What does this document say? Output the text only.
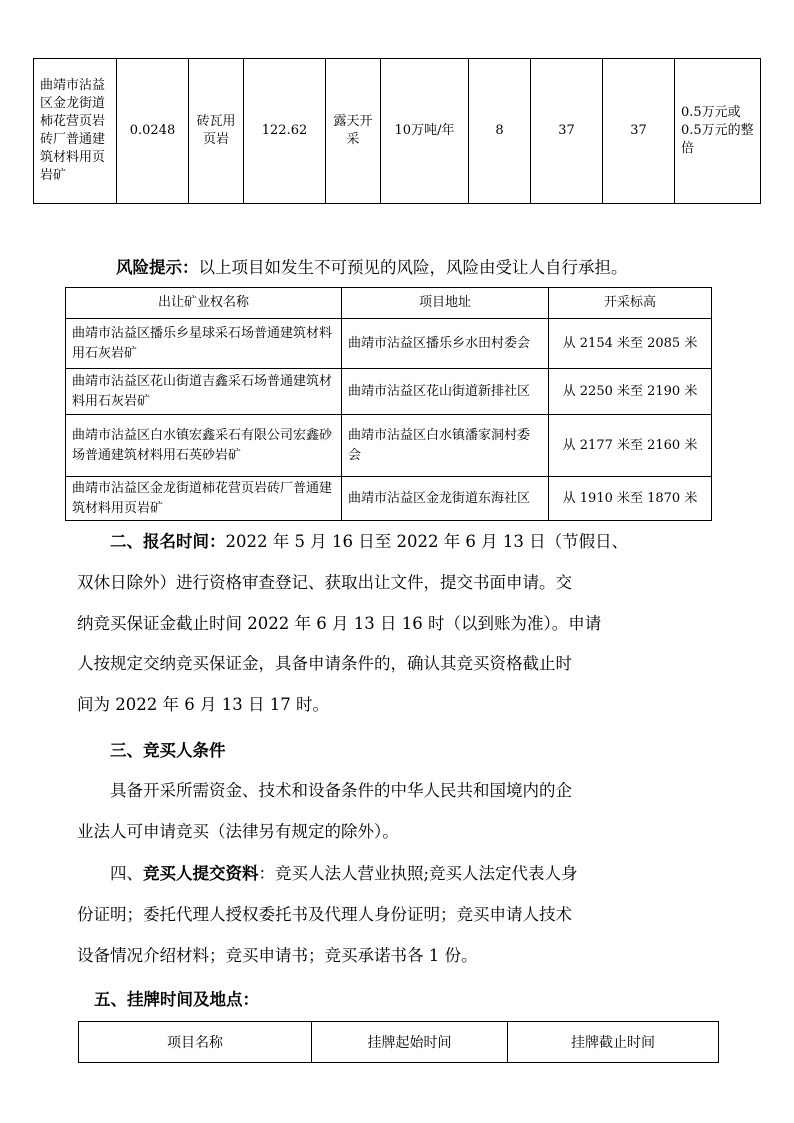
曲靖市沾益区金龙街道柿花营页岩砖厂普通建筑材料用页岩矿	0.0248	砖瓦用页岩	122.62	露天开采	10万吨/年	8	37	37	0.5万元或0.5万元的整倍

风险提示：以上项目如发生不可预见的风险，风险由受让人自行承担。

出让矿业权名称	项目地址	开采标高
曲靖市沾益区播乐乡星球采石场普通建筑材料用石灰岩矿	曲靖市沾益区播乐乡水田村委会	从 2154 米至 2085 米
曲靖市沾益区花山街道吉鑫采石场普通建筑材料用石灰岩矿	曲靖市沾益区花山街道新排社区	从 2250 米至 2190 米
曲靖市沾益区白水镇宏鑫采石有限公司宏鑫砂场普通建筑材料用石英砂岩矿	曲靖市沾益区白水镇潘家洞村委会	从 2177 米至 2160 米
曲靖市沾益区金龙街道柿花营页岩砖厂普通建筑材料用页岩矿	曲靖市沾益区金龙街道东海社区	从 1910 米至 1870 米

二、报名时间：2022 年 5 月 16 日至 2022 年 6 月 13 日（节假日、

双休日除外）进行资格审查登记、获取出让文件，提交书面申请。交

纳竞买保证金截止时间 2022 年 6 月 13 日 16 时（以到账为准）。申请

人按规定交纳竞买保证金，具备申请条件的，确认其竞买资格截止时

间为 2022 年 6 月 13 日 17 时。

三、竞买人条件

具备开采所需资金、技术和设备条件的中华人民共和国境内的企

业法人可申请竞买（法律另有规定的除外）。

四、竞买人提交资料：竞买人法人营业执照;竞买人法定代表人身

份证明；委托代理人授权委托书及代理人身份证明；竞买申请人技术

设备情况介绍材料；竞买申请书；竞买承诺书各 1 份。

五、挂牌时间及地点：

项目名称	挂牌起始时间	挂牌截止时间
